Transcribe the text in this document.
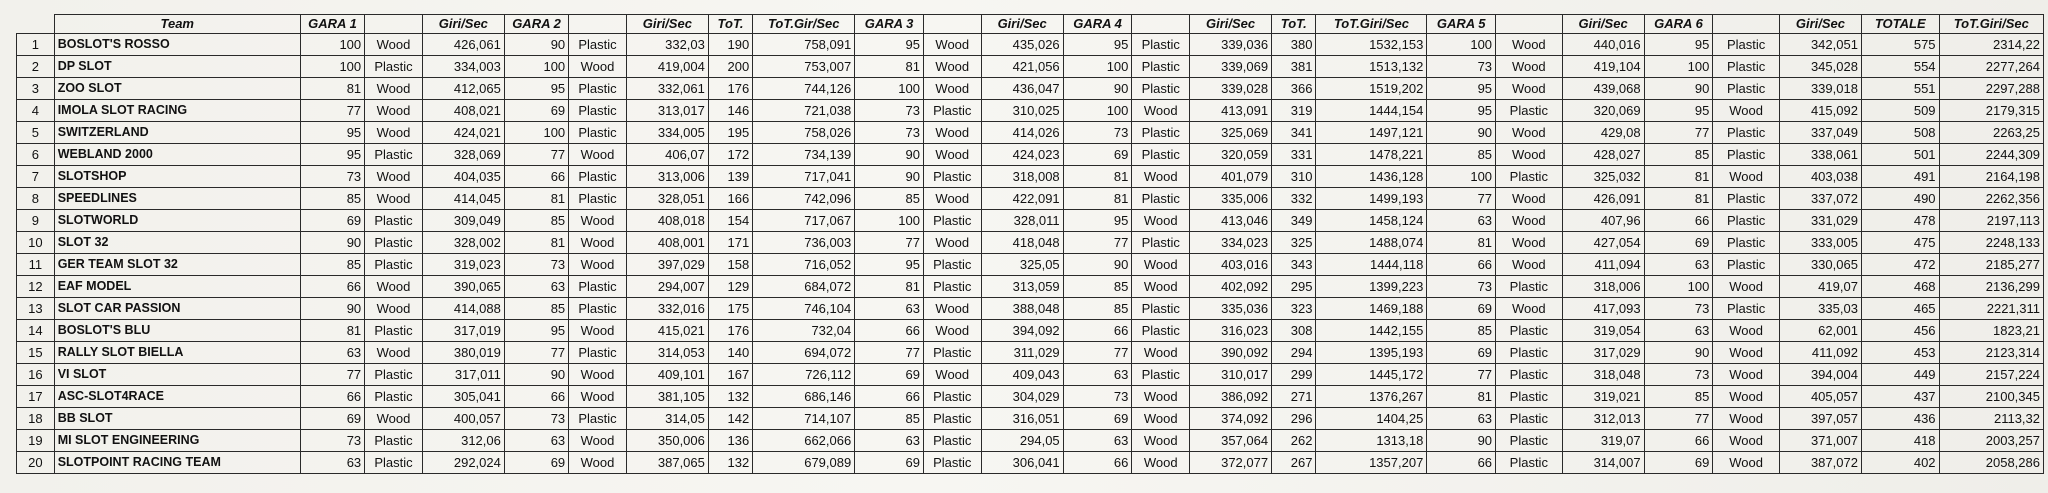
	Team	GARA 1		Giri/Sec	GARA 2		Giri/Sec	ToT.	ToT.Gir/Sec	GARA 3		Giri/Sec	GARA 4		Giri/Sec	ToT.	ToT.Giri/Sec	GARA 5		Giri/Sec	GARA 6		Giri/Sec	TOTALE	ToT.Giri/Sec
1	BOSLOT'S ROSSO	100	Wood	426,061	90	Plastic	332,03	190	758,091	95	Wood	435,026	95	Plastic	339,036	380	1532,153	100	Wood	440,016	95	Plastic	342,051	575	2314,22
2	DP SLOT	100	Plastic	334,003	100	Wood	419,004	200	753,007	81	Wood	421,056	100	Plastic	339,069	381	1513,132	73	Wood	419,104	100	Plastic	345,028	554	2277,264
3	ZOO SLOT	81	Wood	412,065	95	Plastic	332,061	176	744,126	100	Wood	436,047	90	Plastic	339,028	366	1519,202	95	Wood	439,068	90	Plastic	339,018	551	2297,288
4	IMOLA SLOT RACING	77	Wood	408,021	69	Plastic	313,017	146	721,038	73	Plastic	310,025	100	Wood	413,091	319	1444,154	95	Plastic	320,069	95	Wood	415,092	509	2179,315
5	SWITZERLAND	95	Wood	424,021	100	Plastic	334,005	195	758,026	73	Wood	414,026	73	Plastic	325,069	341	1497,121	90	Wood	429,08	77	Plastic	337,049	508	2263,25
6	WEBLAND 2000	95	Plastic	328,069	77	Wood	406,07	172	734,139	90	Wood	424,023	69	Plastic	320,059	331	1478,221	85	Wood	428,027	85	Plastic	338,061	501	2244,309
7	SLOTSHOP	73	Wood	404,035	66	Plastic	313,006	139	717,041	90	Plastic	318,008	81	Wood	401,079	310	1436,128	100	Plastic	325,032	81	Wood	403,038	491	2164,198
8	SPEEDLINES	85	Wood	414,045	81	Plastic	328,051	166	742,096	85	Wood	422,091	81	Plastic	335,006	332	1499,193	77	Wood	426,091	81	Plastic	337,072	490	2262,356
9	SLOTWORLD	69	Plastic	309,049	85	Wood	408,018	154	717,067	100	Plastic	328,011	95	Wood	413,046	349	1458,124	63	Wood	407,96	66	Plastic	331,029	478	2197,113
10	SLOT 32	90	Plastic	328,002	81	Wood	408,001	171	736,003	77	Wood	418,048	77	Plastic	334,023	325	1488,074	81	Wood	427,054	69	Plastic	333,005	475	2248,133
11	GER TEAM SLOT 32	85	Plastic	319,023	73	Wood	397,029	158	716,052	95	Plastic	325,05	90	Wood	403,016	343	1444,118	66	Wood	411,094	63	Plastic	330,065	472	2185,277
12	EAF MODEL	66	Wood	390,065	63	Plastic	294,007	129	684,072	81	Plastic	313,059	85	Wood	402,092	295	1399,223	73	Plastic	318,006	100	Wood	419,07	468	2136,299
13	SLOT CAR PASSION	90	Wood	414,088	85	Plastic	332,016	175	746,104	63	Wood	388,048	85	Plastic	335,036	323	1469,188	69	Wood	417,093	73	Plastic	335,03	465	2221,311
14	BOSLOT'S BLU	81	Plastic	317,019	95	Wood	415,021	176	732,04	66	Wood	394,092	66	Plastic	316,023	308	1442,155	85	Plastic	319,054	63	Wood	62,001	456	1823,21
15	RALLY SLOT BIELLA	63	Wood	380,019	77	Plastic	314,053	140	694,072	77	Plastic	311,029	77	Wood	390,092	294	1395,193	69	Plastic	317,029	90	Wood	411,092	453	2123,314
16	VI SLOT	77	Plastic	317,011	90	Wood	409,101	167	726,112	69	Wood	409,043	63	Plastic	310,017	299	1445,172	77	Plastic	318,048	73	Wood	394,004	449	2157,224
17	ASC-SLOT4RACE	66	Plastic	305,041	66	Wood	381,105	132	686,146	66	Plastic	304,029	73	Wood	386,092	271	1376,267	81	Plastic	319,021	85	Wood	405,057	437	2100,345
18	BB SLOT	69	Wood	400,057	73	Plastic	314,05	142	714,107	85	Plastic	316,051	69	Wood	374,092	296	1404,25	63	Plastic	312,013	77	Wood	397,057	436	2113,32
19	MI SLOT ENGINEERING	73	Plastic	312,06	63	Wood	350,006	136	662,066	63	Plastic	294,05	63	Wood	357,064	262	1313,18	90	Plastic	319,07	66	Wood	371,007	418	2003,257
20	SLOTPOINT RACING TEAM	63	Plastic	292,024	69	Wood	387,065	132	679,089	69	Plastic	306,041	66	Wood	372,077	267	1357,207	66	Plastic	314,007	69	Wood	387,072	402	2058,286
